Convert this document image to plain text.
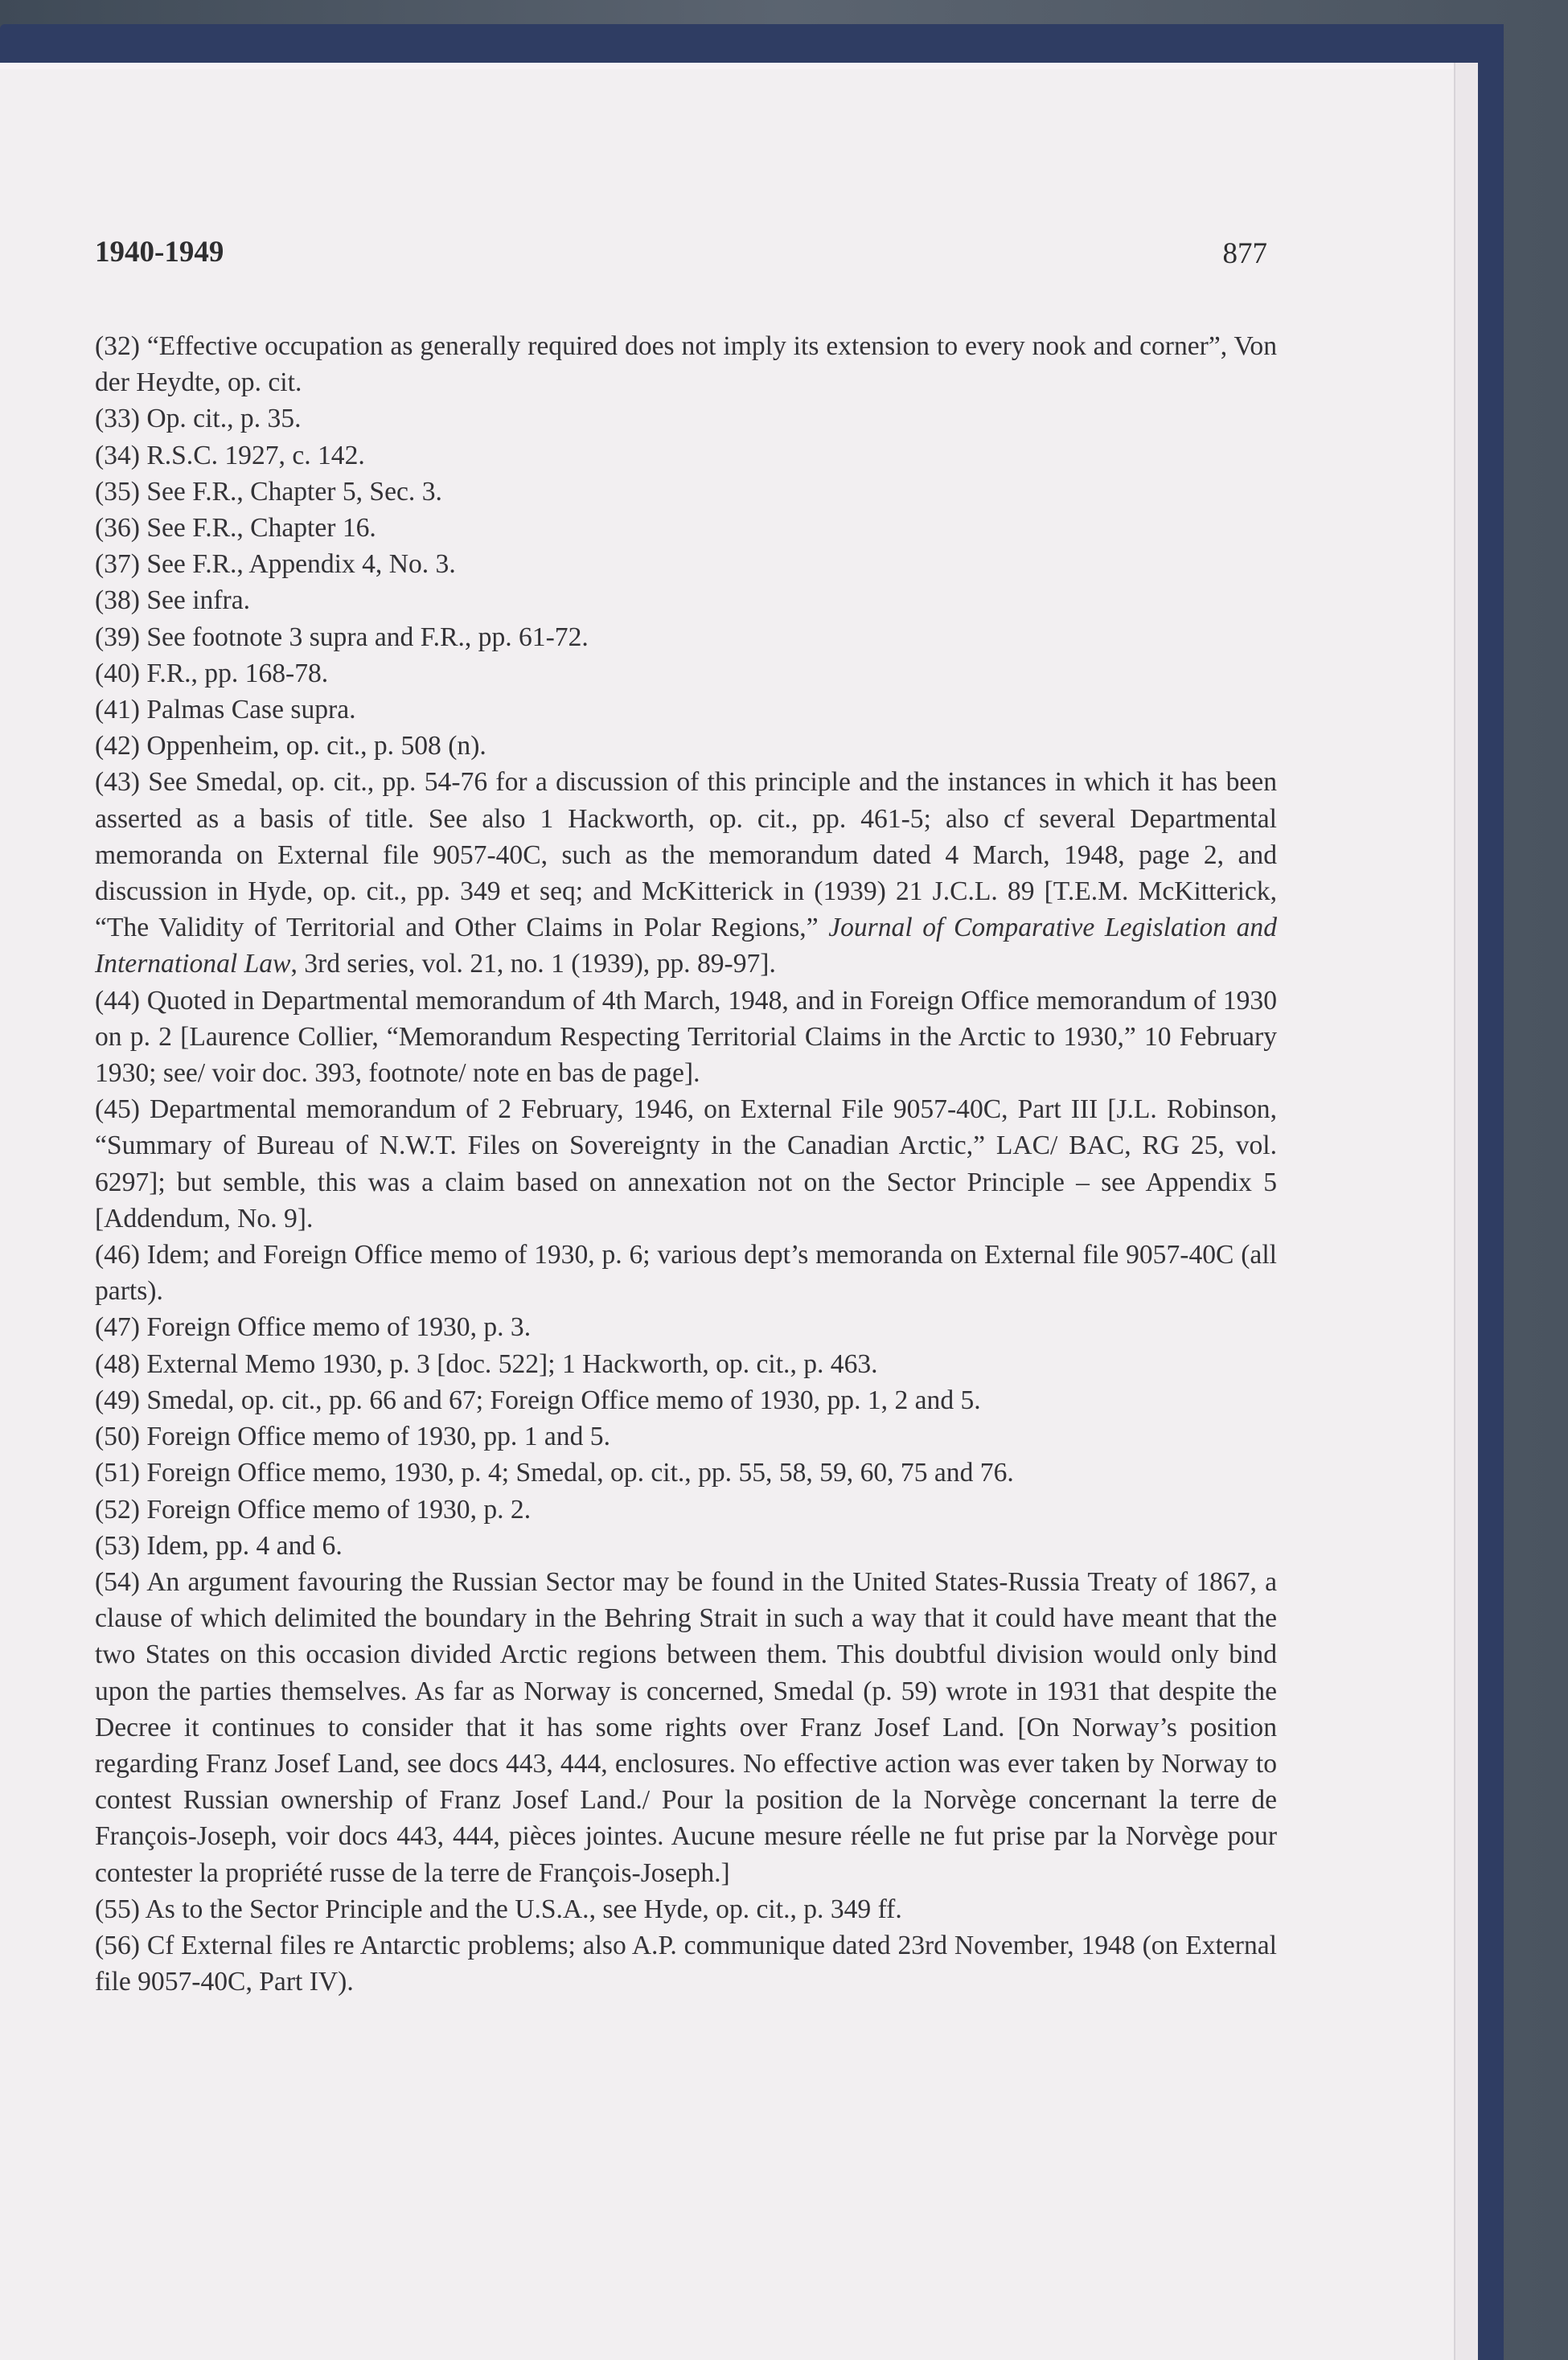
1940-1949	877

(32) “Effective occupation as generally required does not imply its extension to every nook and corner”, Von der Heydte, op. cit.

(33) Op. cit., p. 35.

(34) R.S.C. 1927, c. 142.

(35) See F.R., Chapter 5, Sec. 3.

(36) See F.R., Chapter 16.

(37) See F.R., Appendix 4, No. 3.

(38) See infra.

(39) See footnote 3 supra and F.R., pp. 61-72.

(40) F.R., pp. 168-78.

(41) Palmas Case supra.

(42) Oppenheim, op. cit., p. 508 (n).

(43) See Smedal, op. cit., pp. 54-76 for a discussion of this principle and the instances in which it has been asserted as a basis of title. See also 1 Hackworth, op. cit., pp. 461-5; also cf several Departmental memoranda on External file 9057-40C, such as the memorandum dated 4 March, 1948, page 2, and discussion in Hyde, op. cit., pp. 349 et seq; and McKitterick in (1939) 21 J.C.L. 89 [T.E.M. McKitterick, “The Validity of Territorial and Other Claims in Polar Regions,” Journal of Comparative Legislation and International Law, 3rd series, vol. 21, no. 1 (1939), pp. 89-97].

(44) Quoted in Departmental memorandum of 4th March, 1948, and in Foreign Office memorandum of 1930 on p. 2 [Laurence Collier, “Memorandum Respecting Territorial Claims in the Arctic to 1930,” 10 February 1930; see/ voir doc. 393, footnote/ note en bas de page].

(45) Departmental memorandum of 2 February, 1946, on External File 9057-40C, Part III [J.L. Robinson, “Summary of Bureau of N.W.T. Files on Sovereignty in the Canadian Arctic,” LAC/ BAC, RG 25, vol. 6297]; but semble, this was a claim based on annexation not on the Sector Principle – see Appendix 5 [Addendum, No. 9].

(46) Idem; and Foreign Office memo of 1930, p. 6; various dept’s memoranda on External file 9057-40C (all parts).

(47) Foreign Office memo of 1930, p. 3.

(48) External Memo 1930, p. 3 [doc. 522]; 1 Hackworth, op. cit., p. 463.

(49) Smedal, op. cit., pp. 66 and 67; Foreign Office memo of 1930, pp. 1, 2 and 5.

(50) Foreign Office memo of 1930, pp. 1 and 5.

(51) Foreign Office memo, 1930, p. 4; Smedal, op. cit., pp. 55, 58, 59, 60, 75 and 76.

(52) Foreign Office memo of 1930, p. 2.

(53) Idem, pp. 4 and 6.

(54) An argument favouring the Russian Sector may be found in the United States-Russia Treaty of 1867, a clause of which delimited the boundary in the Behring Strait in such a way that it could have meant that the two States on this occasion divided Arctic regions between them. This doubtful division would only bind upon the parties themselves. As far as Norway is concerned, Smedal (p. 59) wrote in 1931 that despite the Decree it continues to consider that it has some rights over Franz Josef Land. [On Norway’s position regarding Franz Josef Land, see docs 443, 444, enclosures. No effective action was ever taken by Norway to contest Russian ownership of Franz Josef Land./ Pour la position de la Norvège concernant la terre de François-Joseph, voir docs 443, 444, pièces jointes. Aucune mesure réelle ne fut prise par la Norvège pour contester la propriété russe de la terre de François-Joseph.]

(55) As to the Sector Principle and the U.S.A., see Hyde, op. cit., p. 349 ff.

(56) Cf External files re Antarctic problems; also A.P. communique dated 23rd November, 1948 (on External file 9057-40C, Part IV).
